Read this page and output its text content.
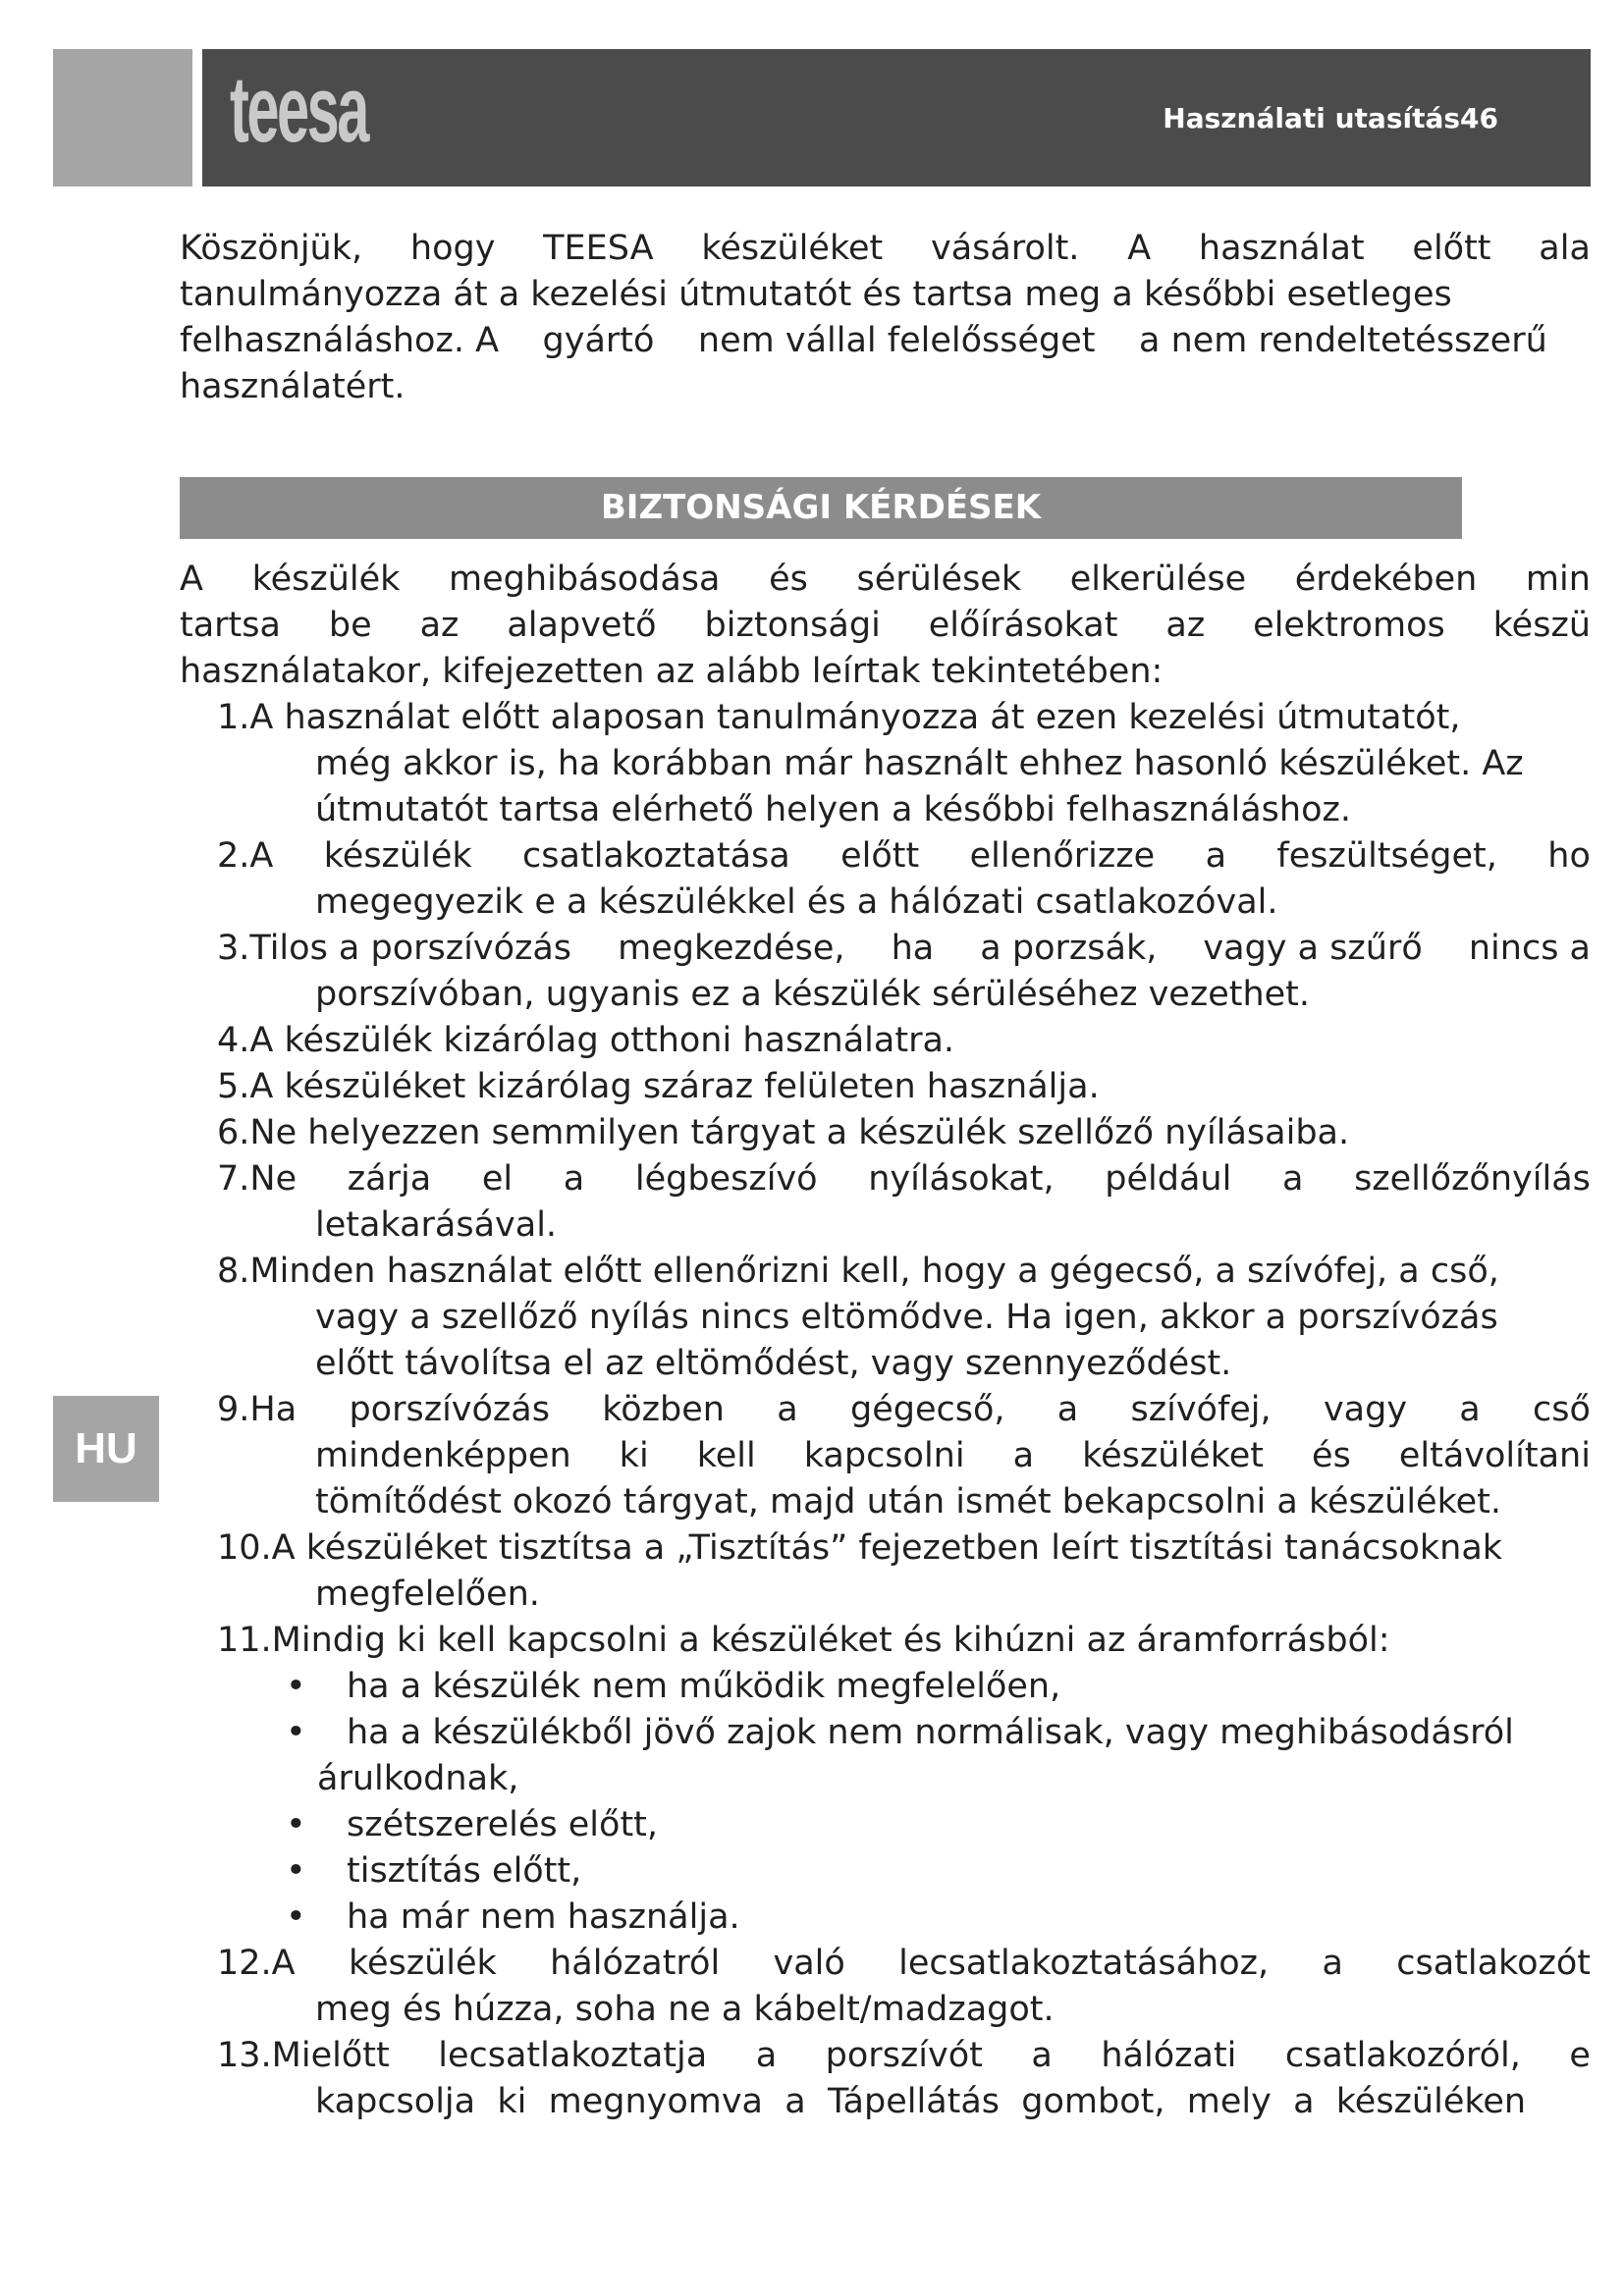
teesa	Használati utasítás46
Köszönjük, hogy TEESA készüléket vásárolt. A használat előtt ala
tanulmányozza át a kezelési útmutatót és tartsa meg a későbbi esetleges
felhasználáshoz. A    gyártó    nem vállal felelősséget    a nem rendeltetésszerű
használatért.
BIZTONSÁGI KÉRDÉSEK
A készülék meghibásodása és sérülések elkerülése érdekében min
tartsa be az alapvető biztonsági előírásokat az elektromos készü
használatakor, kifejezetten az alább leírtak tekintetében:
1. A használat előtt alaposan tanulmányozza át ezen kezelési útmutatót,
még akkor is, ha korábban már használt ehhez hasonló készüléket. Az
útmutatót tartsa elérhető helyen a későbbi felhasználáshoz.
2. A készülék csatlakoztatása előtt ellenőrizze a feszültséget, ho
megegyezik e a készülékkel és a hálózati csatlakozóval.
3. Tilos a porszívózás megkezdése, ha a porzsák, vagy a szűrő nincs a
porszívóban, ugyanis ez a készülék sérüléséhez vezethet.
4. A készülék kizárólag otthoni használatra.
5. A készüléket kizárólag száraz felületen használja.
6. Ne helyezzen semmilyen tárgyat a készülék szellőző nyílásaiba.
7. Ne zárja el a légbeszívó nyílásokat, például a szellőzőnyílás
letakarásával.
8. Minden használat előtt ellenőrizni kell, hogy a gégecső, a szívófej, a cső,
vagy a szellőző nyílás nincs eltömődve. Ha igen, akkor a porszívózás
előtt távolítsa el az eltömődést, vagy szennyeződést.
9. Ha porszívózás közben a gégecső, a szívófej, vagy a cső
mindenképpen ki kell kapcsolni a készüléket és eltávolítani
tömítődést okozó tárgyat, majd után ismét bekapcsolni a készüléket.
10. A készüléket tisztítsa a „Tisztítás” fejezetben leírt tisztítási tanácsoknak
megfelelően.
11. Mindig ki kell kapcsolni a készüléket és kihúzni az áramforrásból:
•	ha a készülék nem működik megfelelően,
•	ha a készülékből jövő zajok nem normálisak, vagy meghibásodásról
árulkodnak,
•	szétszerelés előtt,
•	tisztítás előtt,
•	ha már nem használja.
12. A készülék hálózatról való lecsatlakoztatásához, a csatlakozót
meg és húzza, soha ne a kábelt/madzagot.
13. Mielőtt lecsatlakoztatja a porszívót a hálózati csatlakozóról, e
kapcsolja  ki  megnyomva  a  Tápellátás  gombot,  mely  a  készüléken
HU
